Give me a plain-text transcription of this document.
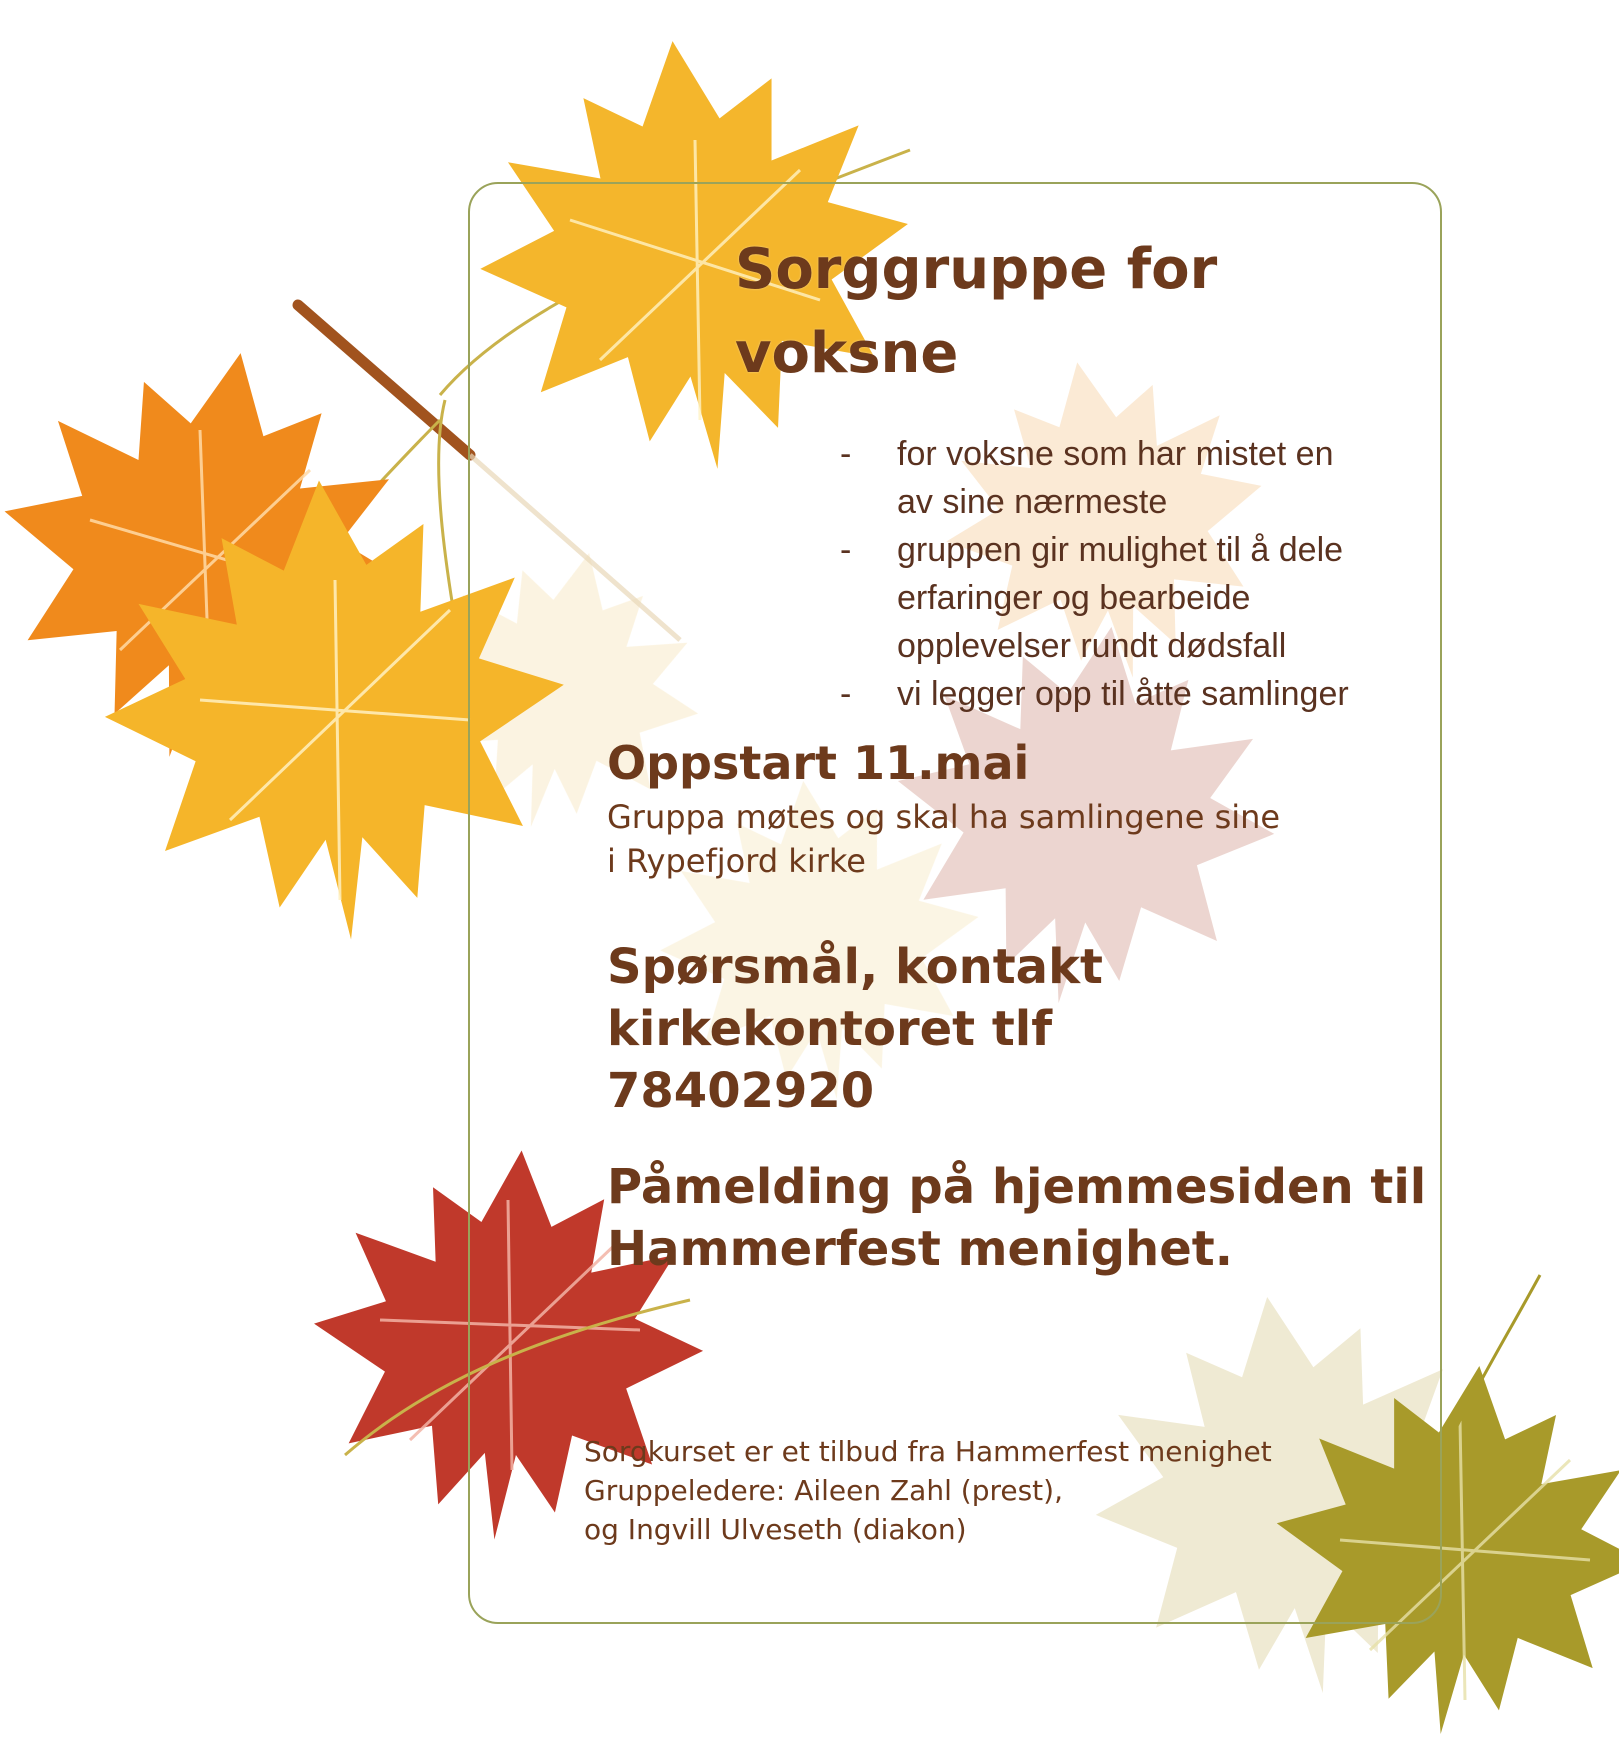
Sorggruppe for
voksne
- for voksne som har mistet en
av sine nærmeste
- gruppen gir mulighet til å dele
erfaringer og bearbeide
opplevelser rundt dødsfall
- vi legger opp til åtte samlinger
Oppstart 11.mai
Gruppa møtes og skal ha samlingene sine
i Rypefjord kirke
Spørsmål, kontakt
kirkekontoret tlf
78402920
Påmelding på hjemmesiden til
Hammerfest menighet.
Sorgkurset er et tilbud fra Hammerfest menighet
Gruppeledere: Aileen Zahl (prest),
og Ingvill Ulveseth (diakon)
